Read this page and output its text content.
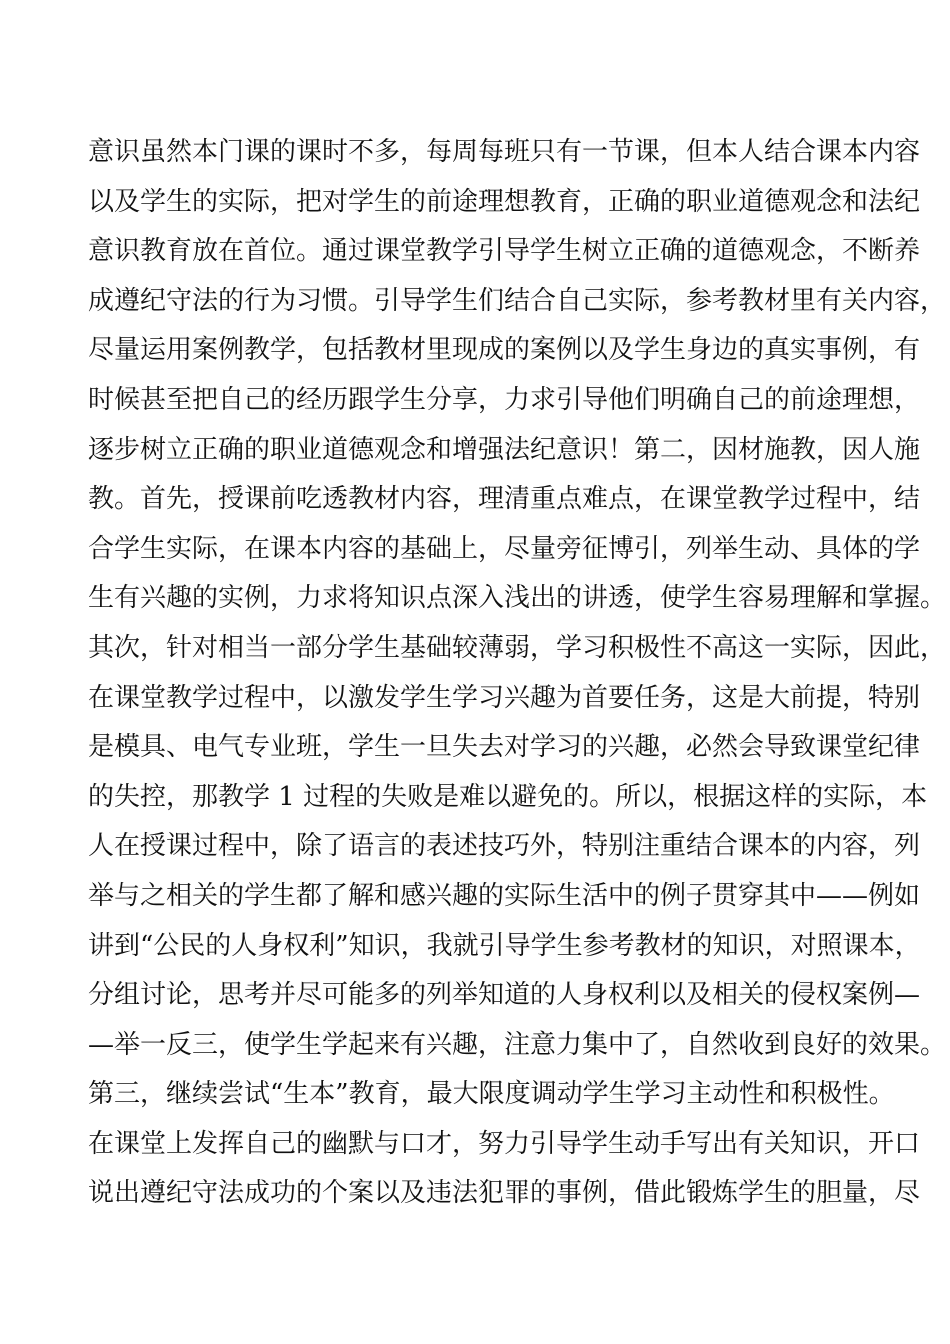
意识虽然本门课的课时不多，每周每班只有一节课，但本人结合课本内容
以及学生的实际，把对学生的前途理想教育，正确的职业道德观念和法纪
意识教育放在首位。通过课堂教学引导学生树立正确的道德观念，不断养
成遵纪守法的行为习惯。引导学生们结合自己实际，参考教材里有关内容，
尽量运用案例教学，包括教材里现成的案例以及学生身边的真实事例，有
时候甚至把自己的经历跟学生分享，力求引导他们明确自己的前途理想，
逐步树立正确的职业道德观念和增强法纪意识！第二，因材施教，因人施
教。首先，授课前吃透教材内容，理清重点难点，在课堂教学过程中，结
合学生实际，在课本内容的基础上，尽量旁征博引，列举生动、具体的学
生有兴趣的实例，力求将知识点深入浅出的讲透，使学生容易理解和掌握。
其次，针对相当一部分学生基础较薄弱，学习积极性不高这一实际，因此，
在课堂教学过程中，以激发学生学习兴趣为首要任务，这是大前提，特别
是模具、电气专业班，学生一旦失去对学习的兴趣，必然会导致课堂纪律
的失控，那教学 1 过程的失败是难以避免的。所以，根据这样的实际，本
人在授课过程中，除了语言的表述技巧外，特别注重结合课本的内容，列
举与之相关的学生都了解和感兴趣的实际生活中的例子贯穿其中——例如
讲到“公民的人身权利”知识，我就引导学生参考教材的知识，对照课本，
分组讨论，思考并尽可能多的列举知道的人身权利以及相关的侵权案例—
—举一反三，使学生学起来有兴趣，注意力集中了，自然收到良好的效果。
第三，继续尝试“生本”教育，最大限度调动学生学习主动性和积极性。
在课堂上发挥自己的幽默与口才，努力引导学生动手写出有关知识，开口
说出遵纪守法成功的个案以及违法犯罪的事例，借此锻炼学生的胆量，尽
